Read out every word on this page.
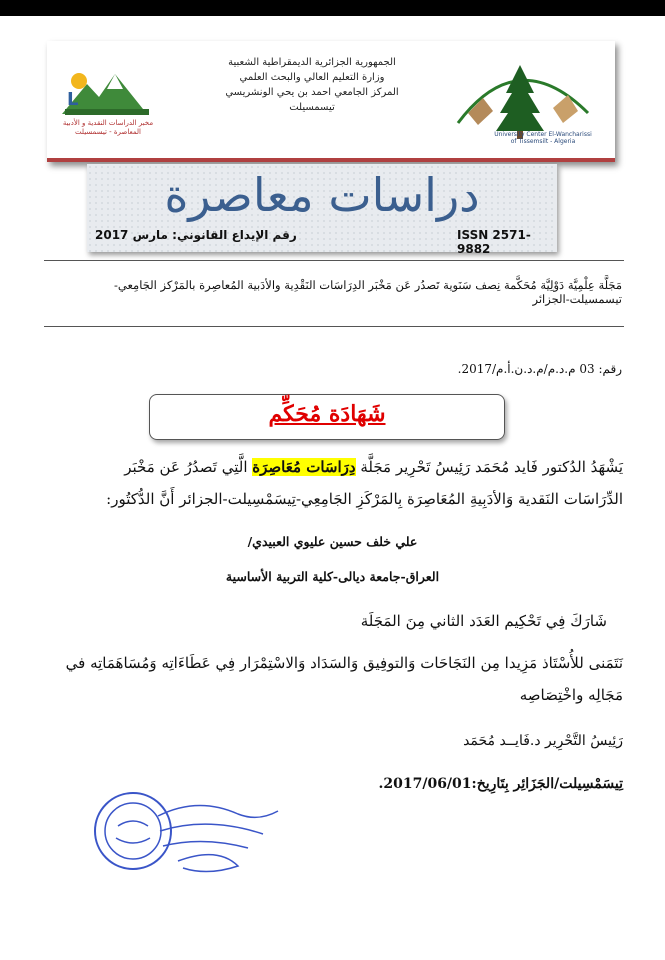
L
مخبر الدراسات النقدية و الأدبية المعاصرة - تيسمسيلت
الجمهورية الجزائرية الديمقراطية الشعبية
وزارة التعليم العالي والبحث العلمي
المركز الجامعي احمد بن يحي الونشريسي
تيسمسيلت
University Center El-Wancharissi of Tissemsilt - Algeria
دراسات معاصرة
ISSN 2571-9882
رقم الإيداع القانوني: مارس 2017
مَجَلَّة عِلْمِيَّة دَوْلِيَّة مُحَكَّمة نِصف سَنَوية تَصدُر عَن مَخْبَر الدِرَاسَات النَقْدِية والأدَبية المُعاصِرة بالمَرْكز الجَامِعي-تيسمسيلت-الجزائر
رقم: 03 م.د.م/م.د.ن.أ.م/2017.
شَهَادَة مُحَكِّم
يَشْهَدُ الدُكتور فَايد مُحَمَد رَئِيسُ تَحْرِير مَجَلَّة دِرَاسَات مُعَاصِرَة الَّتِي تَصدُرُ عَن مَخْبَر
الدِّرَاسَات النَقدية وَالأدَبِيةِ المُعَاصِرَة بِالمَرْكَزِ الجَامِعِي-تِيسَمْسِيلت-الجزائر أَنَّ الدُّكتُور:
علي خلف حسين عليوي العبيدي/
العراق-جامعة ديالى-كلية التربية الأساسية
شَارَكَ فِي تَحْكِيم العَدَد الثاني مِنَ المَجَلَة
نَتَمَنى للأُسْتَاذ مَزِيدا مِن النَجَاحَات وَالتوفِيق وَالسَدَاد وَالاسْتِمْرَار فِي عَطَاءَاتِه وَمُسَاهَمَاتِه في
مَجَالِه واخْتِصَاصِه
رَئِيسُ التَّحْرِير د.فَايــد مُحَمَد
تِيسَمْسِيلت/الجَزَائِر بِتَارِيخ:2017/06/01.
